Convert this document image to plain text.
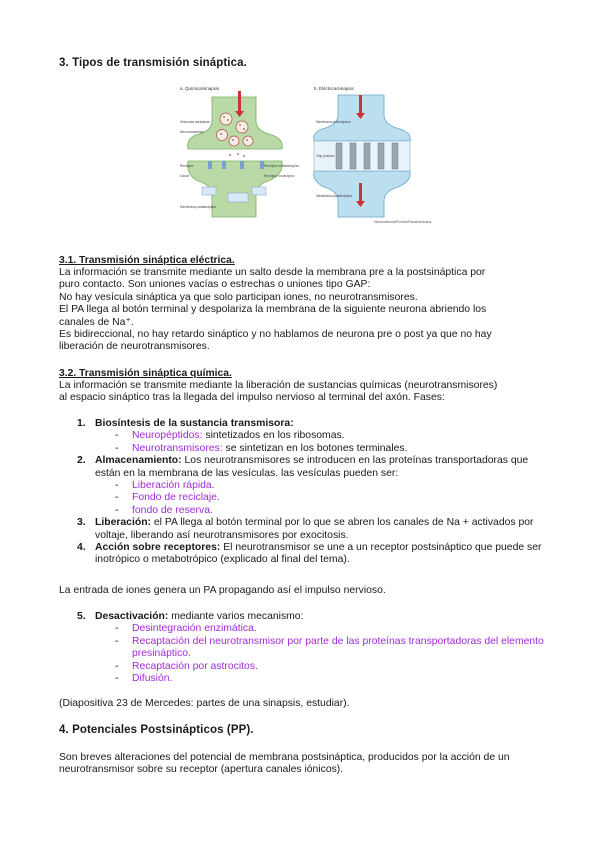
3. Tipos de transmisión sináptica.
a. Química/sinapsis
Vesículas sinápticas
Neurotransmisor
Receptor
Canal
Membrana postsináptica
Receptor metabotrópico
Receptor ionotrópico
b. Eléctrica/sinapsis
Membrana presináptica
Gap junction
Membrana postsináptica
Neurociencia/Purves/Panamericana
3.1. Transmisión sináptica eléctrica.
La información se transmite mediante un salto desde la membrana pre a la postsináptica por
puro contacto. Son uniones vacías o estrechas o uniones tipo GAP:
No hay vesícula sináptica ya que solo participan iones, no neurotransmisores.
El PA llega al botón terminal y despolariza la membrana de la siguiente neurona abriendo los
canales de Na⁺.
Es bidireccional, no hay retardo sináptico y no hablamos de neurona pre o post ya que no hay
liberación de neurotransmisores.
3.2. Transmisión sináptica química.
La información se transmite mediante la liberación de sustancias químicas (neurotransmisores)
al espacio sináptico tras la llegada del impulso nervioso al terminal del axón. Fases:
1. Biosíntesis de la sustancia transmisora:
- Neuropéptidos: sintetizados en los ribosomas.
- Neurotransmisores: se sintetizan en los botones terminales.
2. Almacenamiento: Los neurotransmisores se introducen en las proteínas transportadoras que están en la membrana de las vesículas. las vesículas pueden ser:
- Liberación rápida.
- Fondo de reciclaje.
- fondo de reserva.
3. Liberación: el PA llega al botón terminal por lo que se abren los canales de Na + activados por voltaje, liberando así neurotransmisores por exocitosis.
4. Acción sobre receptores: El neurotransmisor se une a un receptor postsináptico que puede ser inotrópico o metabotrópico (explicado al final del tema).
La entrada de iones genera un PA propagando así el impulso nervioso.
5. Desactivación: mediante varios mecanismo:
- Desintegración enzimática.
- Recaptación del neurotransmisor por parte de las proteínas transportadoras del elemento presináptico.
- Recaptación por astrocitos.
- Difusión.
(Diapositiva 23 de Mercedes: partes de una sinapsis, estudiar).
4. Potenciales Postsinápticos (PP).
Son breves alteraciones del potencial de membrana postsináptica, producidos por la acción de un neurotransmisor sobre su receptor (apertura canales iónicos).
